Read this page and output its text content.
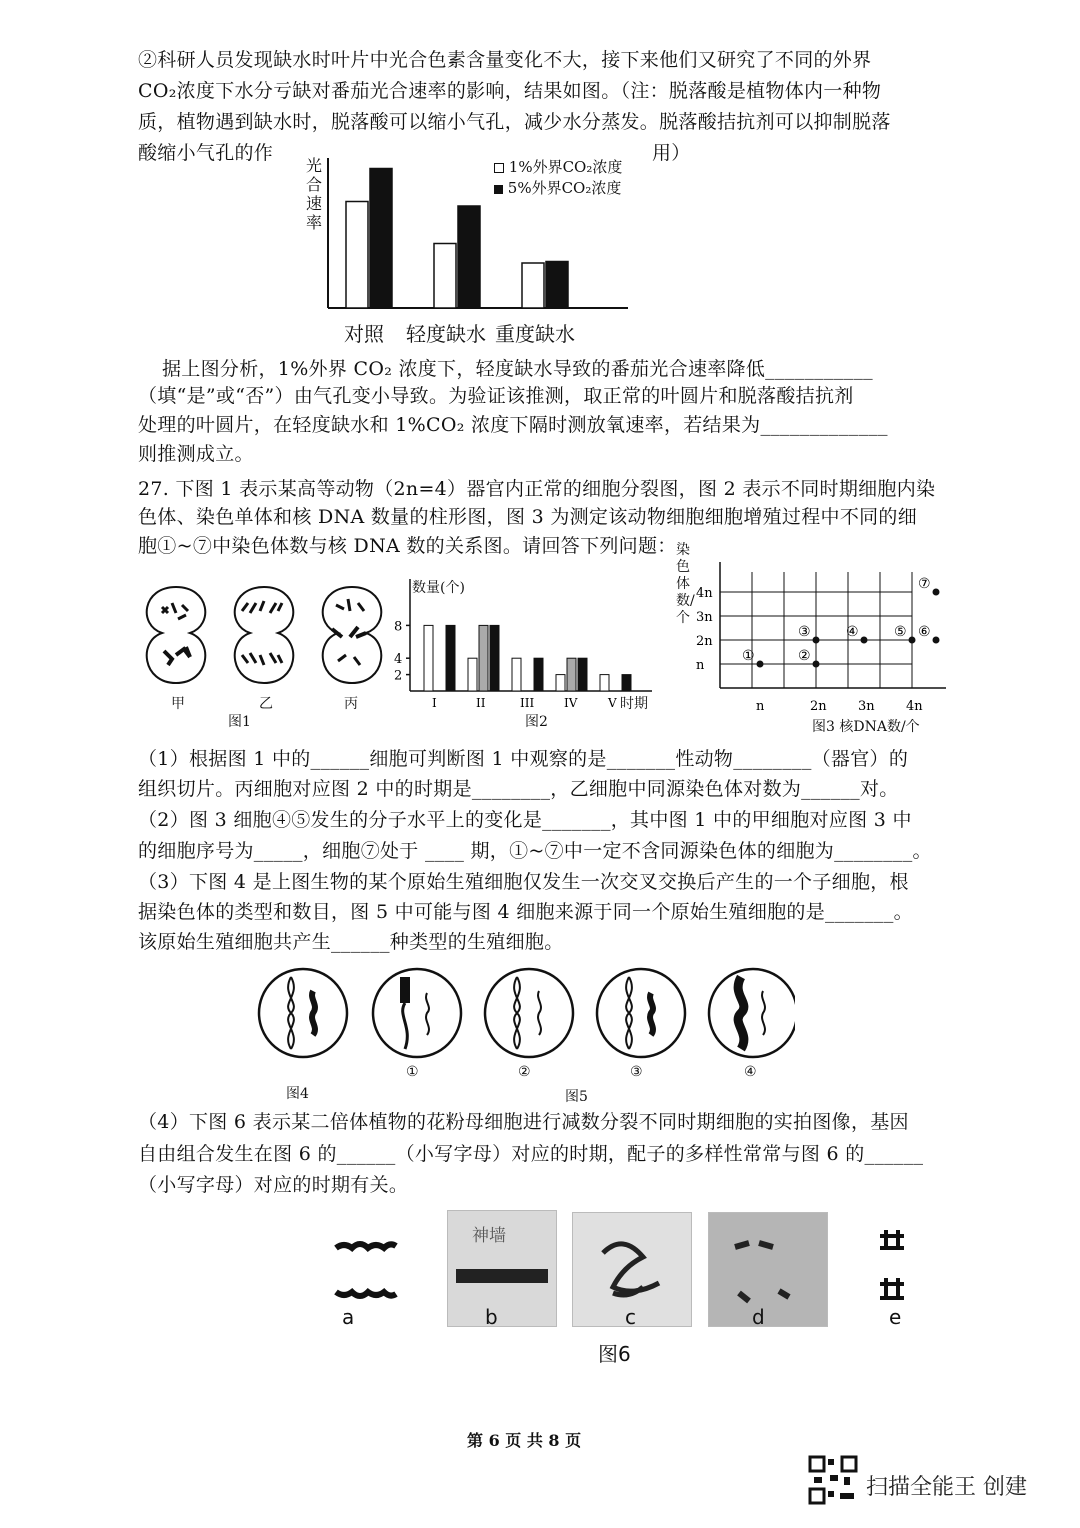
②科研人员发现缺水时叶片中光合色素含量变化不大，接下来他们又研究了不同的外界
CO₂浓度下水分亏缺对番茄光合速率的影响，结果如图。（注：脱落酸是植物体内一种物
质，植物遇到缺水时，脱落酸可以缩小气孔，减少水分蒸发。脱落酸拮抗剂可以抑制脱落
酸缩小气孔的作	用）
光合速率
1%外界CO₂浓度
5%外界CO₂浓度
对照 轻度缺水 重度缺水
据上图分析，1%外界 CO₂ 浓度下，轻度缺水导致的番茄光合速率降低___________
（填“是”或“否”）由气孔变小导致。为验证该推测，取正常的叶圆片和脱落酸拮抗剂
处理的叶圆片，在轻度缺水和 1%CO₂ 浓度下隔时测放氧速率，若结果为_____________
则推测成立。
27. 下图 1 表示某高等动物（2n=4）器官内正常的细胞分裂图，图 2 表示不同时期细胞内染
色体、染色单体和核 DNA 数量的柱形图，图 3 为测定该动物细胞细胞增殖过程中不同的细
胞①~⑦中染色体数与核 DNA 数的关系图。请回答下列问题：
甲	乙	丙
图1
8
4
2
I	II	III IV	V
数量(个)
时期
图2
4n
3n
2n
n
n	2n 3n 4n
①	②
③	④	⑤ ⑥
⑦
染色体数/个
图3 核DNA数/个
（1）根据图 1 中的______细胞可判断图 1 中观察的是_______性动物________（器官）的
组织切片。丙细胞对应图 2 中的时期是________，乙细胞中同源染色体对数为______对。
（2）图 3 细胞④⑤发生的分子水平上的变化是_______，其中图 1 中的甲细胞对应图 3 中
的细胞序号为_____，细胞⑦处于 ____ 期，①~⑦中一定不含同源染色体的细胞为________。
（3）下图 4 是上图生物的某个原始生殖细胞仅发生一次交叉交换后产生的一个子细胞，根
据染色体的类型和数目，图 5 中可能与图 4 细胞来源于同一个原始生殖细胞的是_______。
该原始生殖细胞共产生______种类型的生殖细胞。
①	②	③	④
图4	图5
（4）下图 6 表示某二倍体植物的花粉母细胞进行减数分裂不同时期细胞的实拍图像，基因
自由组合发生在图 6 的______（小写字母）对应的时期，配子的多样性常常与图 6 的______
（小写字母）对应的时期有关。
神墙
a	b	c	d	e
图6
第 6 页 共 8 页
扫描全能王 创建
